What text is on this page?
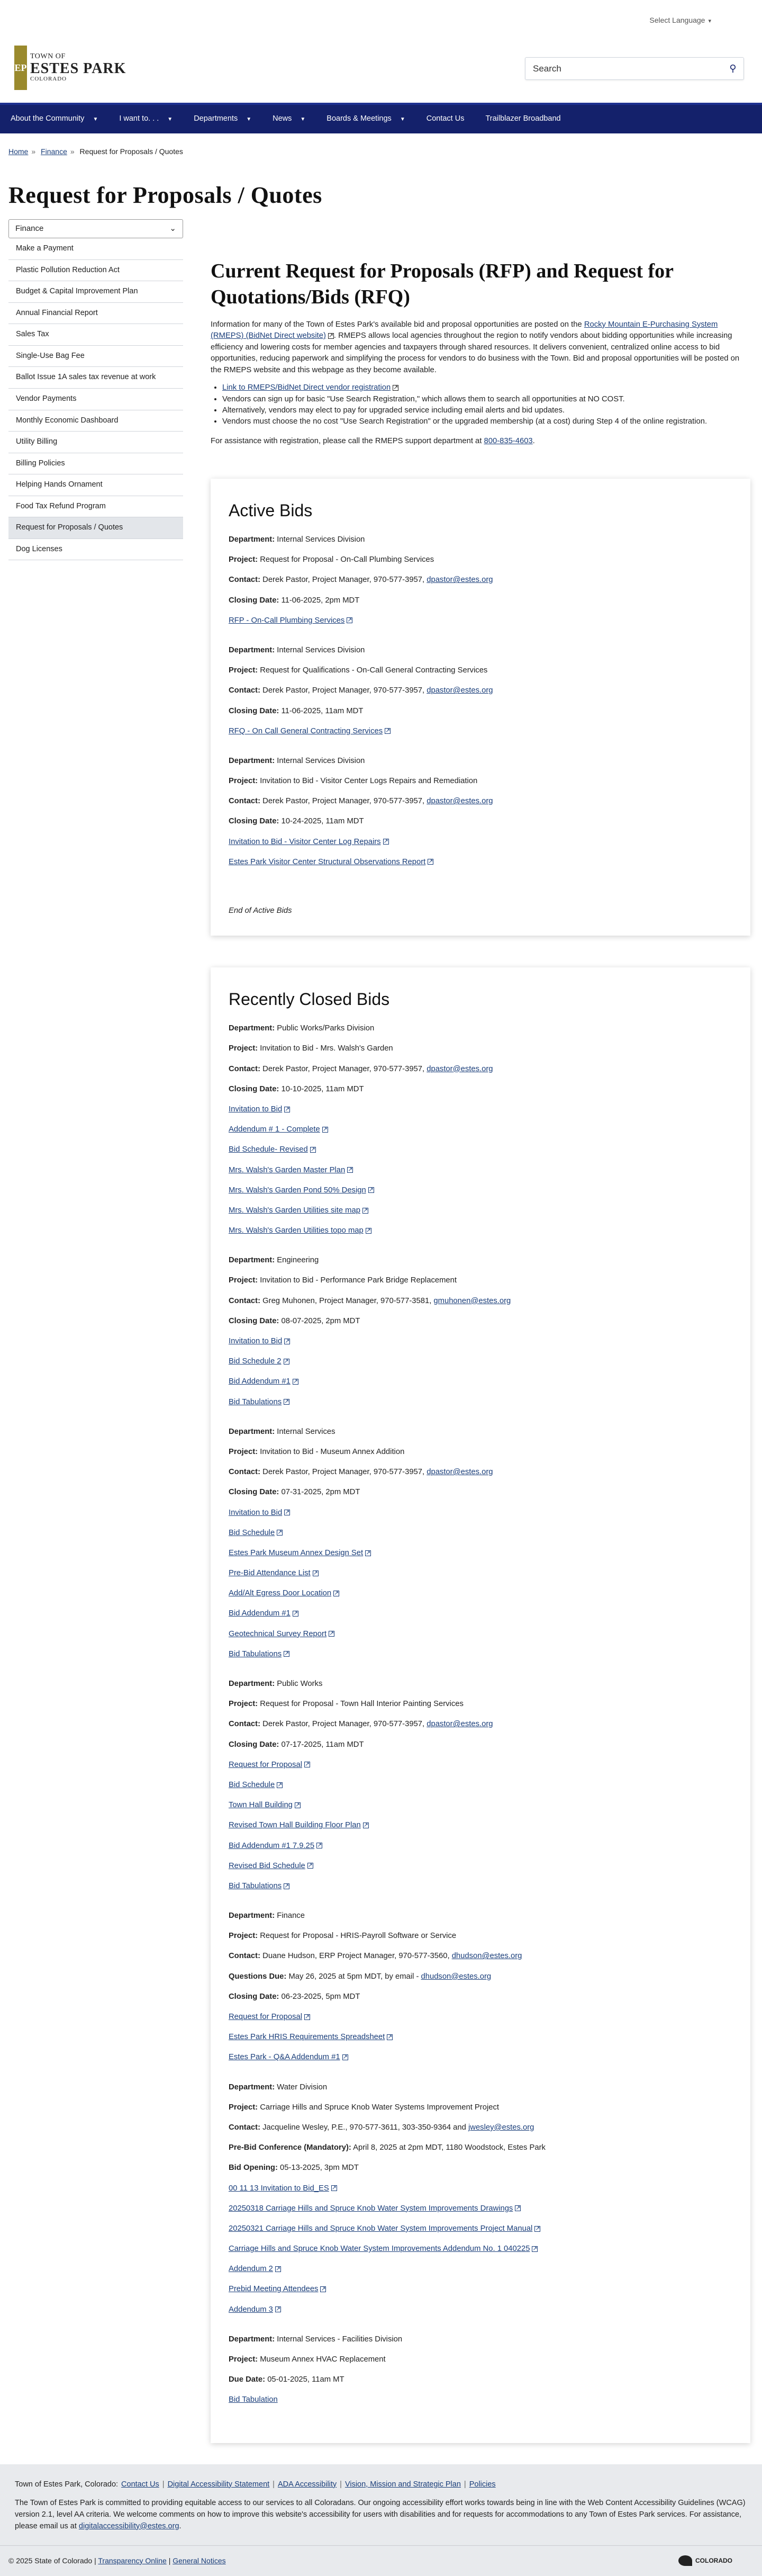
Select Language ▾
EP
TOWN OF
ESTES PARK
COLORADO
Search
⚲
About the Community ▼	I want to. . . ▼	Departments ▼	News ▼	Boards & Meetings ▼	Contact Us	Trailblazer Broadband
Home » Finance » Request for Proposals / Quotes
Request for Proposals / Quotes
Finance	⌄
Make a Payment
Plastic Pollution Reduction Act
Budget & Capital Improvement Plan
Annual Financial Report
Sales Tax
Single-Use Bag Fee
Ballot Issue 1A sales tax revenue at work
Vendor Payments
Monthly Economic Dashboard
Utility Billing
Billing Policies
Helping Hands Ornament
Food Tax Refund Program
Request for Proposals / Quotes
Dog Licenses
Current Request for Proposals (RFP) and Request for Quotations/Bids (RFQ)

Information for many of the Town of Estes Park's available bid and proposal opportunities are posted on the Rocky Mountain E-Purchasing System (RMEPS) (BidNet Direct website) ↗. RMEPS allows local agencies throughout the region to notify vendors about bidding opportunities while increasing efficiency and lowering costs for member agencies and taxpayers through shared resources. It delivers convenient, centralized online access to bid opportunities, reducing paperwork and simplifying the process for vendors to do business with the Town. Bid and proposal opportunities will be posted on the RMEPS website and this webpage as they become available.

• Link to RMEPS/BidNet Direct vendor registration ↗
• Vendors can sign up for basic "Use Search Registration," which allows them to search all opportunities at NO COST.
• Alternatively, vendors may elect to pay for upgraded service including email alerts and bid updates.
• Vendors must choose the no cost "Use Search Registration" or the upgraded membership (at a cost) during Step 4 of the online registration.

For assistance with registration, please call the RMEPS support department at 800-835-4603.

Active Bids

Department: Internal Services Division

Project: Request for Proposal - On-Call Plumbing Services

Contact: Derek Pastor, Project Manager, 970-577-3957, dpastor@estes.org

Closing Date: 11-06-2025, 2pm MDT

RFP - On-Call Plumbing Services ↗

Department: Internal Services Division

Project: Request for Qualifications - On-Call General Contracting Services

Contact: Derek Pastor, Project Manager, 970-577-3957, dpastor@estes.org

Closing Date: 11-06-2025, 11am MDT

RFQ - On Call General Contracting Services ↗

Department: Internal Services Division

Project: Invitation to Bid - Visitor Center Logs Repairs and Remediation

Contact: Derek Pastor, Project Manager, 970-577-3957, dpastor@estes.org

Closing Date: 10-24-2025, 11am MDT

Invitation to Bid - Visitor Center Log Repairs ↗
Estes Park Visitor Center Structural Observations Report ↗

End of Active Bids

Recently Closed Bids

Department: Public Works/Parks Division

Project: Invitation to Bid - Mrs. Walsh's Garden

Contact: Derek Pastor, Project Manager, 970-577-3957, dpastor@estes.org

Closing Date: 10-10-2025, 11am MDT

Invitation to Bid ↗
Addendum # 1 - Complete ↗
Bid Schedule- Revised ↗
Mrs. Walsh's Garden Master Plan ↗
Mrs. Walsh's Garden Pond 50% Design ↗
Mrs. Walsh's Garden Utilities site map ↗
Mrs. Walsh's Garden Utilities topo map ↗

Department: Engineering

Project: Invitation to Bid - Performance Park Bridge Replacement

Contact: Greg Muhonen, Project Manager, 970-577-3581, gmuhonen@estes.org

Closing Date: 08-07-2025, 2pm MDT

Invitation to Bid ↗
Bid Schedule 2 ↗
Bid Addendum #1 ↗
Bid Tabulations ↗

Department: Internal Services

Project: Invitation to Bid - Museum Annex Addition

Contact: Derek Pastor, Project Manager, 970-577-3957, dpastor@estes.org

Closing Date: 07-31-2025, 2pm MDT

Invitation to Bid ↗
Bid Schedule ↗
Estes Park Museum Annex Design Set ↗
Pre-Bid Attendance List ↗
Add/Alt Egress Door Location ↗
Bid Addendum #1 ↗
Geotechnical Survey Report ↗
Bid Tabulations ↗

Department: Public Works

Project: Request for Proposal - Town Hall Interior Painting Services

Contact: Derek Pastor, Project Manager, 970-577-3957, dpastor@estes.org

Closing Date: 07-17-2025, 11am MDT

Request for Proposal ↗
Bid Schedule ↗
Town Hall Building ↗
Revised Town Hall Building Floor Plan ↗
Bid Addendum #1 7.9.25 ↗
Revised Bid Schedule ↗
Bid Tabulations ↗

Department: Finance

Project: Request for Proposal - HRIS-Payroll Software or Service

Contact: Duane Hudson, ERP Project Manager, 970-577-3560, dhudson@estes.org

Questions Due: May 26, 2025 at 5pm MDT, by email - dhudson@estes.org

Closing Date: 06-23-2025, 5pm MDT

Request for Proposal ↗
Estes Park HRIS Requirements Spreadsheet ↗
Estes Park - Q&A Addendum #1 ↗

Department: Water Division

Project: Carriage Hills and Spruce Knob Water Systems Improvement Project

Contact: Jacqueline Wesley, P.E., 970-577-3611, 303-350-9364 and jwesley@estes.org

Pre-Bid Conference (Mandatory): April 8, 2025 at 2pm MDT, 1180 Woodstock, Estes Park

Bid Opening: 05-13-2025, 3pm MDT

00 11 13 Invitation to Bid_ES ↗
20250318 Carriage Hills and Spruce Knob Water System Improvements Drawings ↗
20250321 Carriage Hills and Spruce Knob Water System Improvements Project Manual ↗
Carriage Hills and Spruce Knob Water System Improvements Addendum No. 1 040225 ↗
Addendum 2 ↗
Prebid Meeting Attendees ↗
Addendum 3 ↗

Department: Internal Services - Facilities Division

Project: Museum Annex HVAC Replacement

Due Date: 05-01-2025, 11am MT

Bid Tabulation
Town of Estes Park, Colorado: Contact Us | Digital Accessibility Statement | ADA Accessibility | Vision, Mission and Strategic Plan | Policies

The Town of Estes Park is committed to providing equitable access to our services to all Coloradans. Our ongoing accessibility effort works towards being in line with the Web Content Accessibility Guidelines (WCAG) version 2.1, level AA criteria. We welcome comments on how to improve this website's accessibility for users with disabilities and for requests for accommodations to any Town of Estes Park services. For assistance, please email us at digitalaccessibility@estes.org.

© 2025 State of Colorado | Transparency Online | General Notices	COLORADO
